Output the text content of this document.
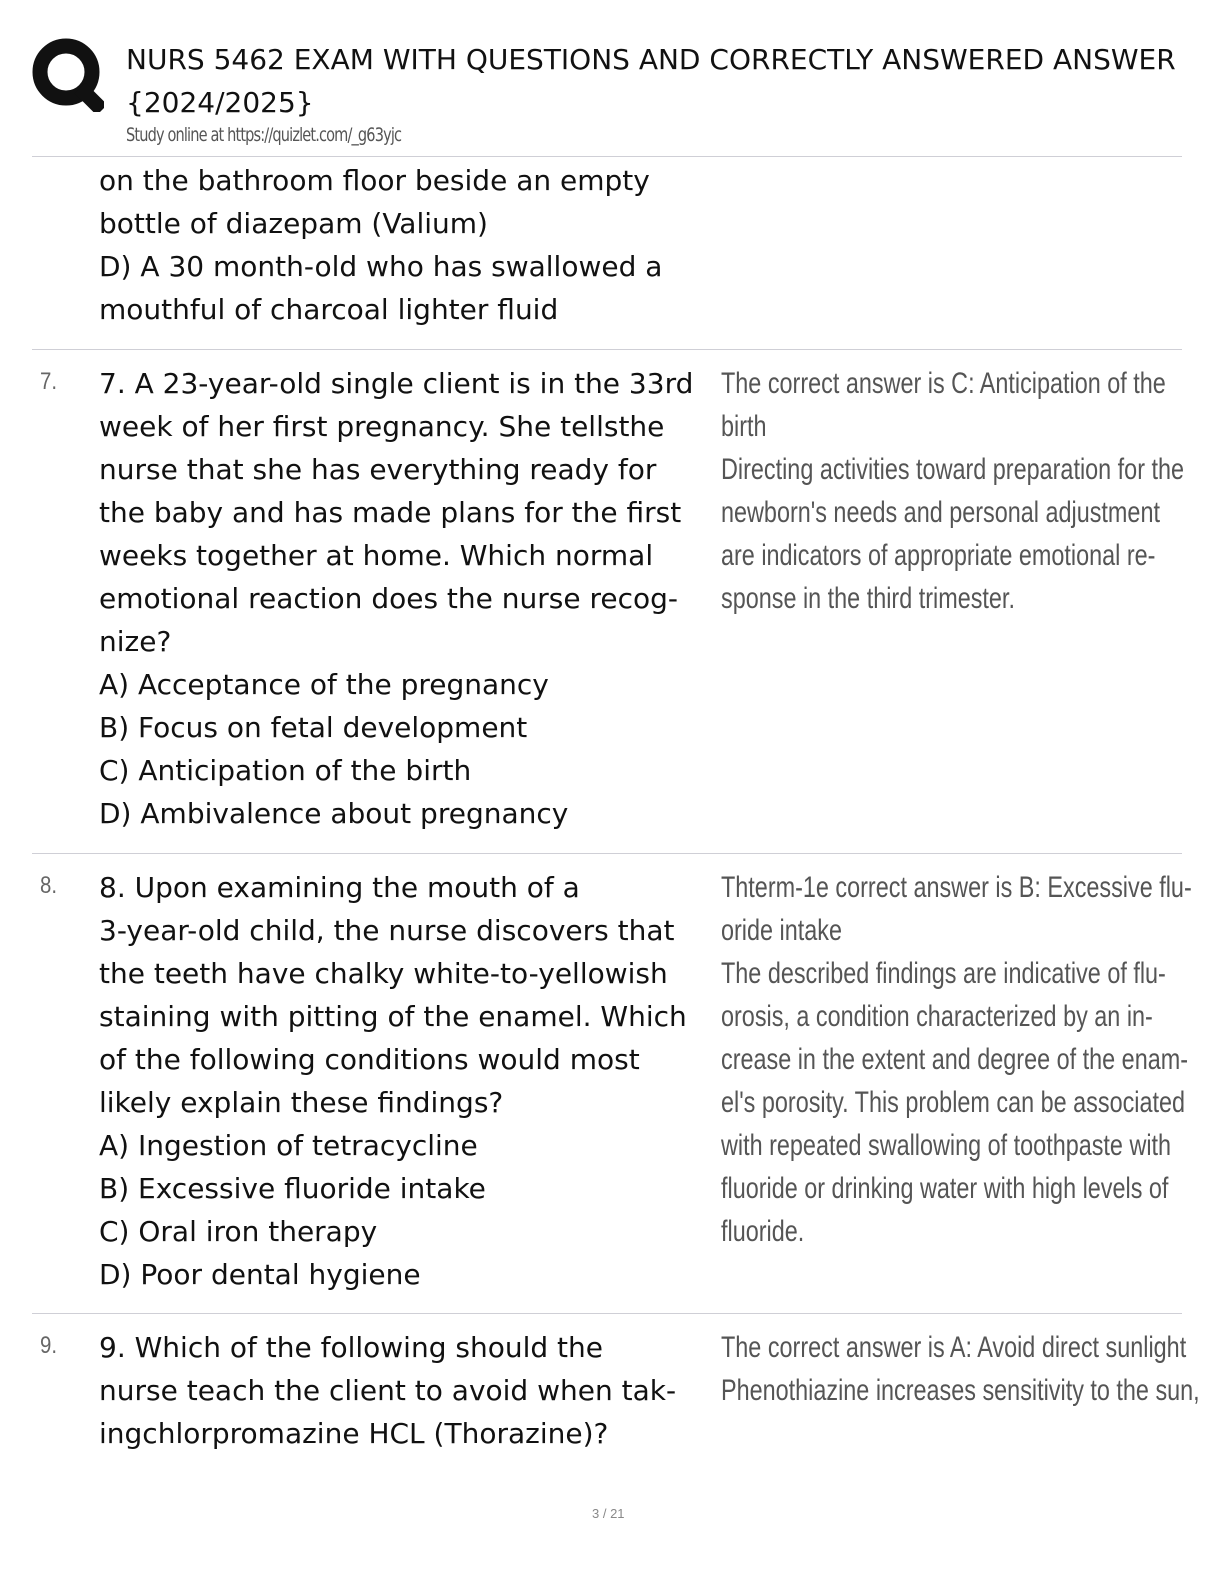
NURS 5462 EXAM WITH QUESTIONS AND CORRECTLY ANSWERED ANSWER
{2024/2025}
Study online at https://quizlet.com/_g63yjc
on the bathroom floor beside an empty
bottle of diazepam (Valium)
D) A 30 month-old who has swallowed a
mouthful of charcoal lighter fluid
7. 7. A 23-year-old single client is in the 33rd
week of her first pregnancy. She tellsthe
nurse that she has everything ready for
the baby and has made plans for the first
weeks together at home. Which normal
emotional reaction does the nurse recog-
nize?
A) Acceptance of the pregnancy
B) Focus on fetal development
C) Anticipation of the birth
D) Ambivalence about pregnancy
The correct answer is C: Anticipation of the
birth
Directing activities toward preparation for the
newborn's needs and personal adjustment
are indicators of appropriate emotional re-
sponse in the third trimester.
8. 8. Upon examining the mouth of a
3-year-old child, the nurse discovers that
the teeth have chalky white-to-yellowish
staining with pitting of the enamel. Which
of the following conditions would most
likely explain these findings?
A) Ingestion of tetracycline
B) Excessive fluoride intake
C) Oral iron therapy
D) Poor dental hygiene
Thterm-1e correct answer is B: Excessive flu-
oride intake
The described findings are indicative of flu-
orosis, a condition characterized by an in-
crease in the extent and degree of the enam-
el's porosity. This problem can be associated
with repeated swallowing of toothpaste with
fluoride or drinking water with high levels of
fluoride.
9. 9. Which of the following should the
nurse teach the client to avoid when tak-
ingchlorpromazine HCL (Thorazine)?
The correct answer is A: Avoid direct sunlight
Phenothiazine increases sensitivity to the sun,
3 / 21
